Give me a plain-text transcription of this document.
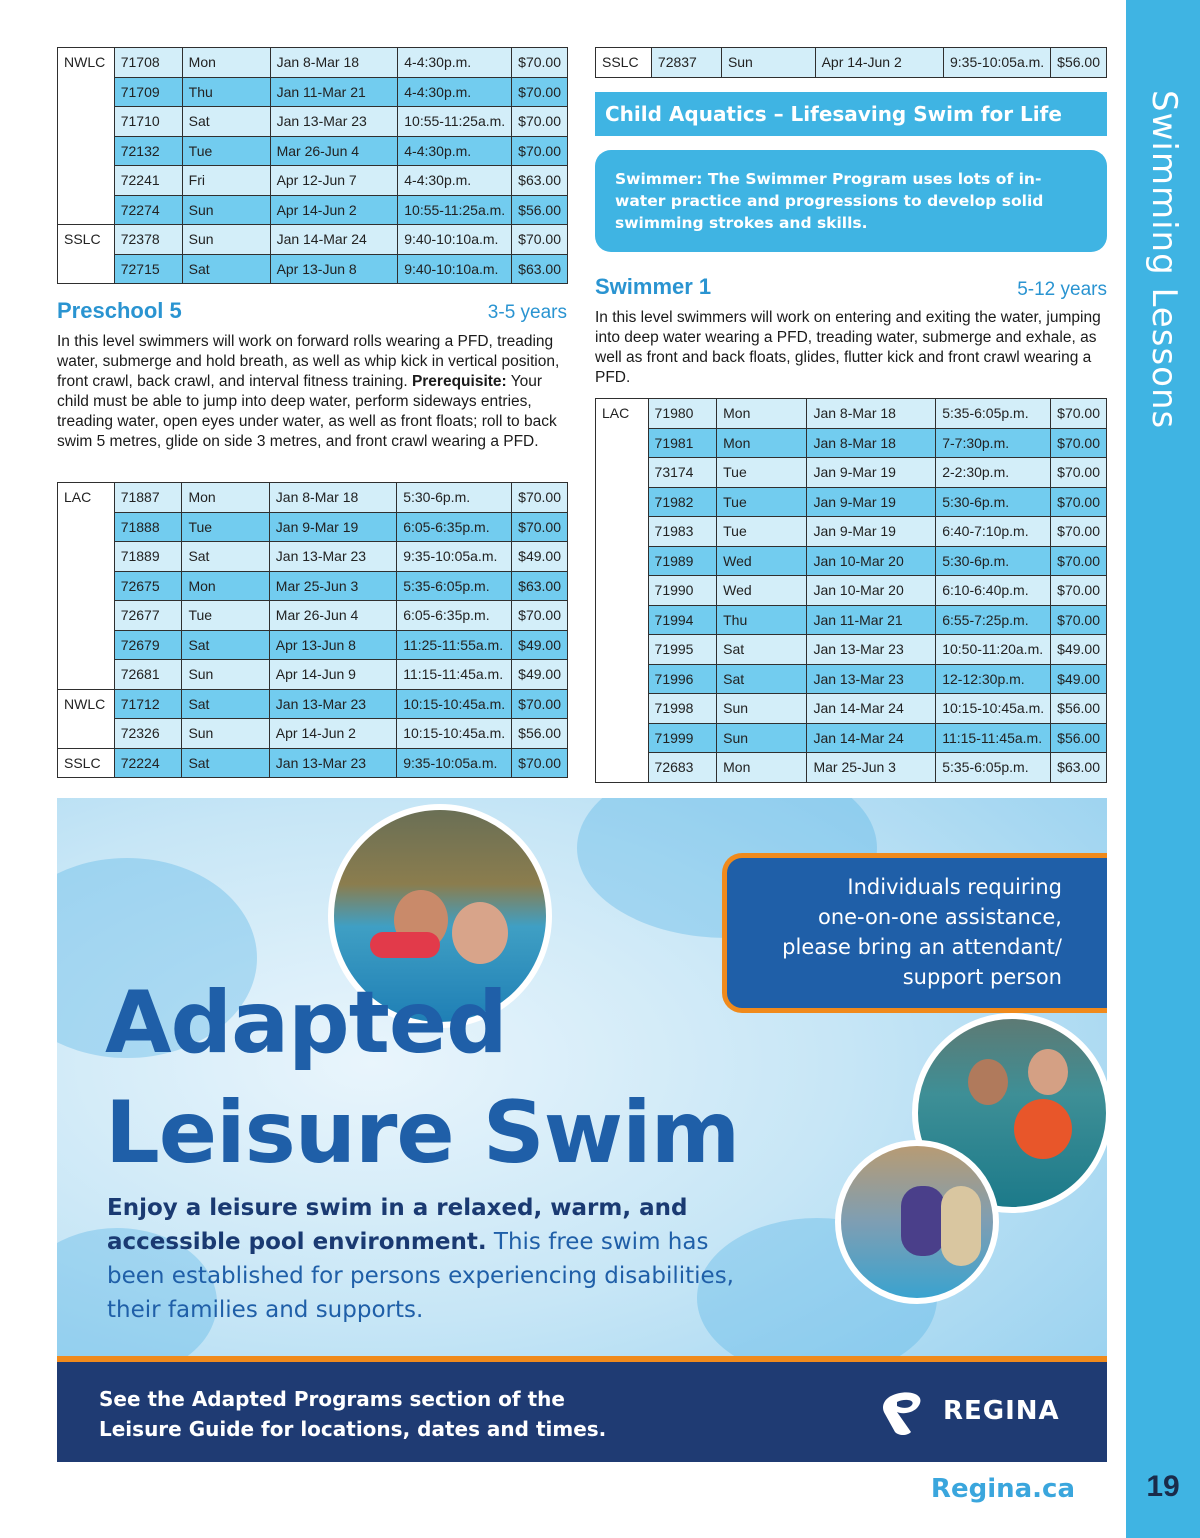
Swimming Lessons
NWLC	71708	Mon	Jan 8-Mar 18	4-4:30p.m.	$70.00
	71709	Thu	Jan 11-Mar 21	4-4:30p.m.	$70.00
	71710	Sat	Jan 13-Mar 23	10:55-11:25a.m.	$70.00
	72132	Tue	Mar 26-Jun 4	4-4:30p.m.	$70.00
	72241	Fri	Apr 12-Jun 7	4-4:30p.m.	$63.00
	72274	Sun	Apr 14-Jun 2	10:55-11:25a.m.	$56.00
SSLC	72378	Sun	Jan 14-Mar 24	9:40-10:10a.m.	$70.00
	72715	Sat	Apr 13-Jun 8	9:40-10:10a.m.	$63.00
Preschool 5	3-5 years
In this level swimmers will work on forward rolls wearing a PFD, treading water, submerge and hold breath, as well as whip kick in vertical position, front crawl, back crawl, and interval fitness training. Prerequisite: Your child must be able to jump into deep water, perform sideways entries, treading water, open eyes under water, as well as front floats; roll to back swim 5 metres, glide on side 3 metres, and front crawl wearing a PFD.
LAC	71887	Mon	Jan 8-Mar 18	5:30-6p.m.	$70.00
	71888	Tue	Jan 9-Mar 19	6:05-6:35p.m.	$70.00
	71889	Sat	Jan 13-Mar 23	9:35-10:05a.m.	$49.00
	72675	Mon	Mar 25-Jun 3	5:35-6:05p.m.	$63.00
	72677	Tue	Mar 26-Jun 4	6:05-6:35p.m.	$70.00
	72679	Sat	Apr 13-Jun 8	11:25-11:55a.m.	$49.00
	72681	Sun	Apr 14-Jun 9	11:15-11:45a.m.	$49.00
NWLC	71712	Sat	Jan 13-Mar 23	10:15-10:45a.m.	$70.00
	72326	Sun	Apr 14-Jun 2	10:15-10:45a.m.	$56.00
SSLC	72224	Sat	Jan 13-Mar 23	9:35-10:05a.m.	$70.00
SSLC	72837	Sun	Apr 14-Jun 2	9:35-10:05a.m.	$56.00
Child Aquatics – Lifesaving Swim for Life
Swimmer: The Swimmer Program uses lots of in-water practice and progressions to develop solid swimming strokes and skills.
Swimmer 1	5-12 years
In this level swimmers will work on entering and exiting the water, jumping into deep water wearing a PFD, treading water, submerge and exhale, as well as front and back floats, glides, flutter kick and front crawl wearing a PFD.
LAC	71980	Mon	Jan 8-Mar 18	5:35-6:05p.m.	$70.00
	71981	Mon	Jan 8-Mar 18	7-7:30p.m.	$70.00
	73174	Tue	Jan 9-Mar 19	2-2:30p.m.	$70.00
	71982	Tue	Jan 9-Mar 19	5:30-6p.m.	$70.00
	71983	Tue	Jan 9-Mar 19	6:40-7:10p.m.	$70.00
	71989	Wed	Jan 10-Mar 20	5:30-6p.m.	$70.00
	71990	Wed	Jan 10-Mar 20	6:10-6:40p.m.	$70.00
	71994	Thu	Jan 11-Mar 21	6:55-7:25p.m.	$70.00
	71995	Sat	Jan 13-Mar 23	10:50-11:20a.m.	$49.00
	71996	Sat	Jan 13-Mar 23	12-12:30p.m.	$49.00
	71998	Sun	Jan 14-Mar 24	10:15-10:45a.m.	$56.00
	71999	Sun	Jan 14-Mar 24	11:15-11:45a.m.	$56.00
	72683	Mon	Mar 25-Jun 3	5:35-6:05p.m.	$63.00
Individuals requiring
one-on-one assistance,
please bring an attendant/
support person
Adapted
Leisure Swim
Enjoy a leisure swim in a relaxed, warm, and accessible pool environment. This free swim has been established for persons experiencing disabilities, their families and supports.
See the Adapted Programs section of the
Leisure Guide for locations, dates and times.
REGINA
Regina.ca	19
